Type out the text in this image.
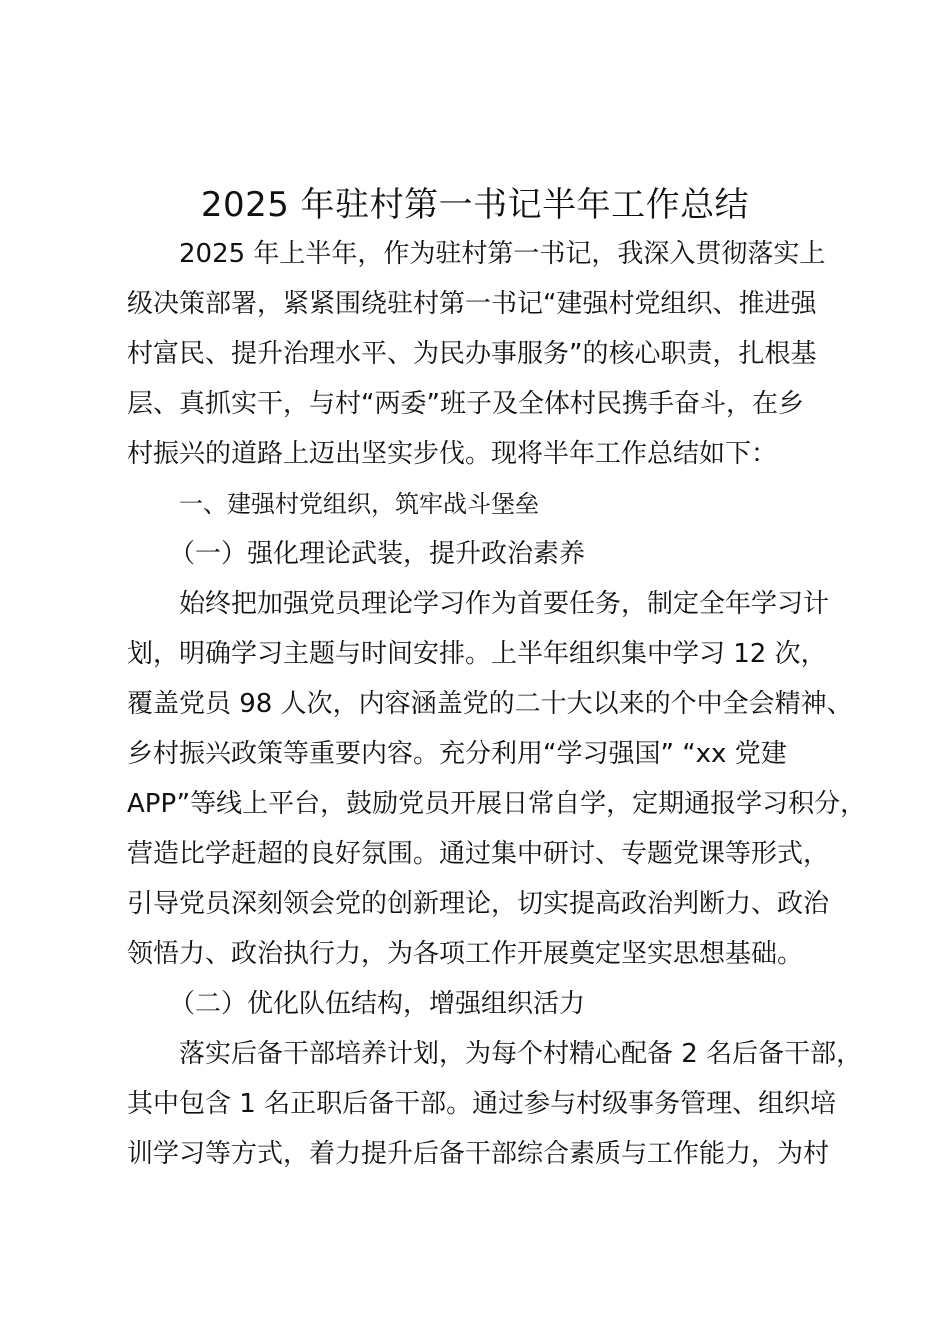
2025 年驻村第一书记半年工作总结
2025 年上半年，作为驻村第一书记，我深入贯彻落实上
级决策部署，紧紧围绕驻村第一书记“建强村党组织、推进强
村富民、提升治理水平、为民办事服务”的核心职责，扎根基
层、真抓实干，与村“两委”班子及全体村民携手奋斗，在乡
村振兴的道路上迈出坚实步伐。现将半年工作总结如下：
一、建强村党组织，筑牢战斗堡垒
（一）强化理论武装，提升政治素养
始终把加强党员理论学习作为首要任务，制定全年学习计
划，明确学习主题与时间安排。上半年组织集中学习 12 次，
覆盖党员 98 人次，内容涵盖党的二十大以来的个中全会精神、
乡村振兴政策等重要内容。充分利用“学习强国” “xx 党建
APP”等线上平台，鼓励党员开展日常自学，定期通报学习积分，
营造比学赶超的良好氛围。通过集中研讨、专题党课等形式，
引导党员深刻领会党的创新理论，切实提高政治判断力、政治
领悟力、政治执行力，为各项工作开展奠定坚实思想基础。
（二）优化队伍结构，增强组织活力
落实后备干部培养计划，为每个村精心配备 2 名后备干部，
其中包含 1 名正职后备干部。通过参与村级事务管理、组织培
训学习等方式，着力提升后备干部综合素质与工作能力，为村
